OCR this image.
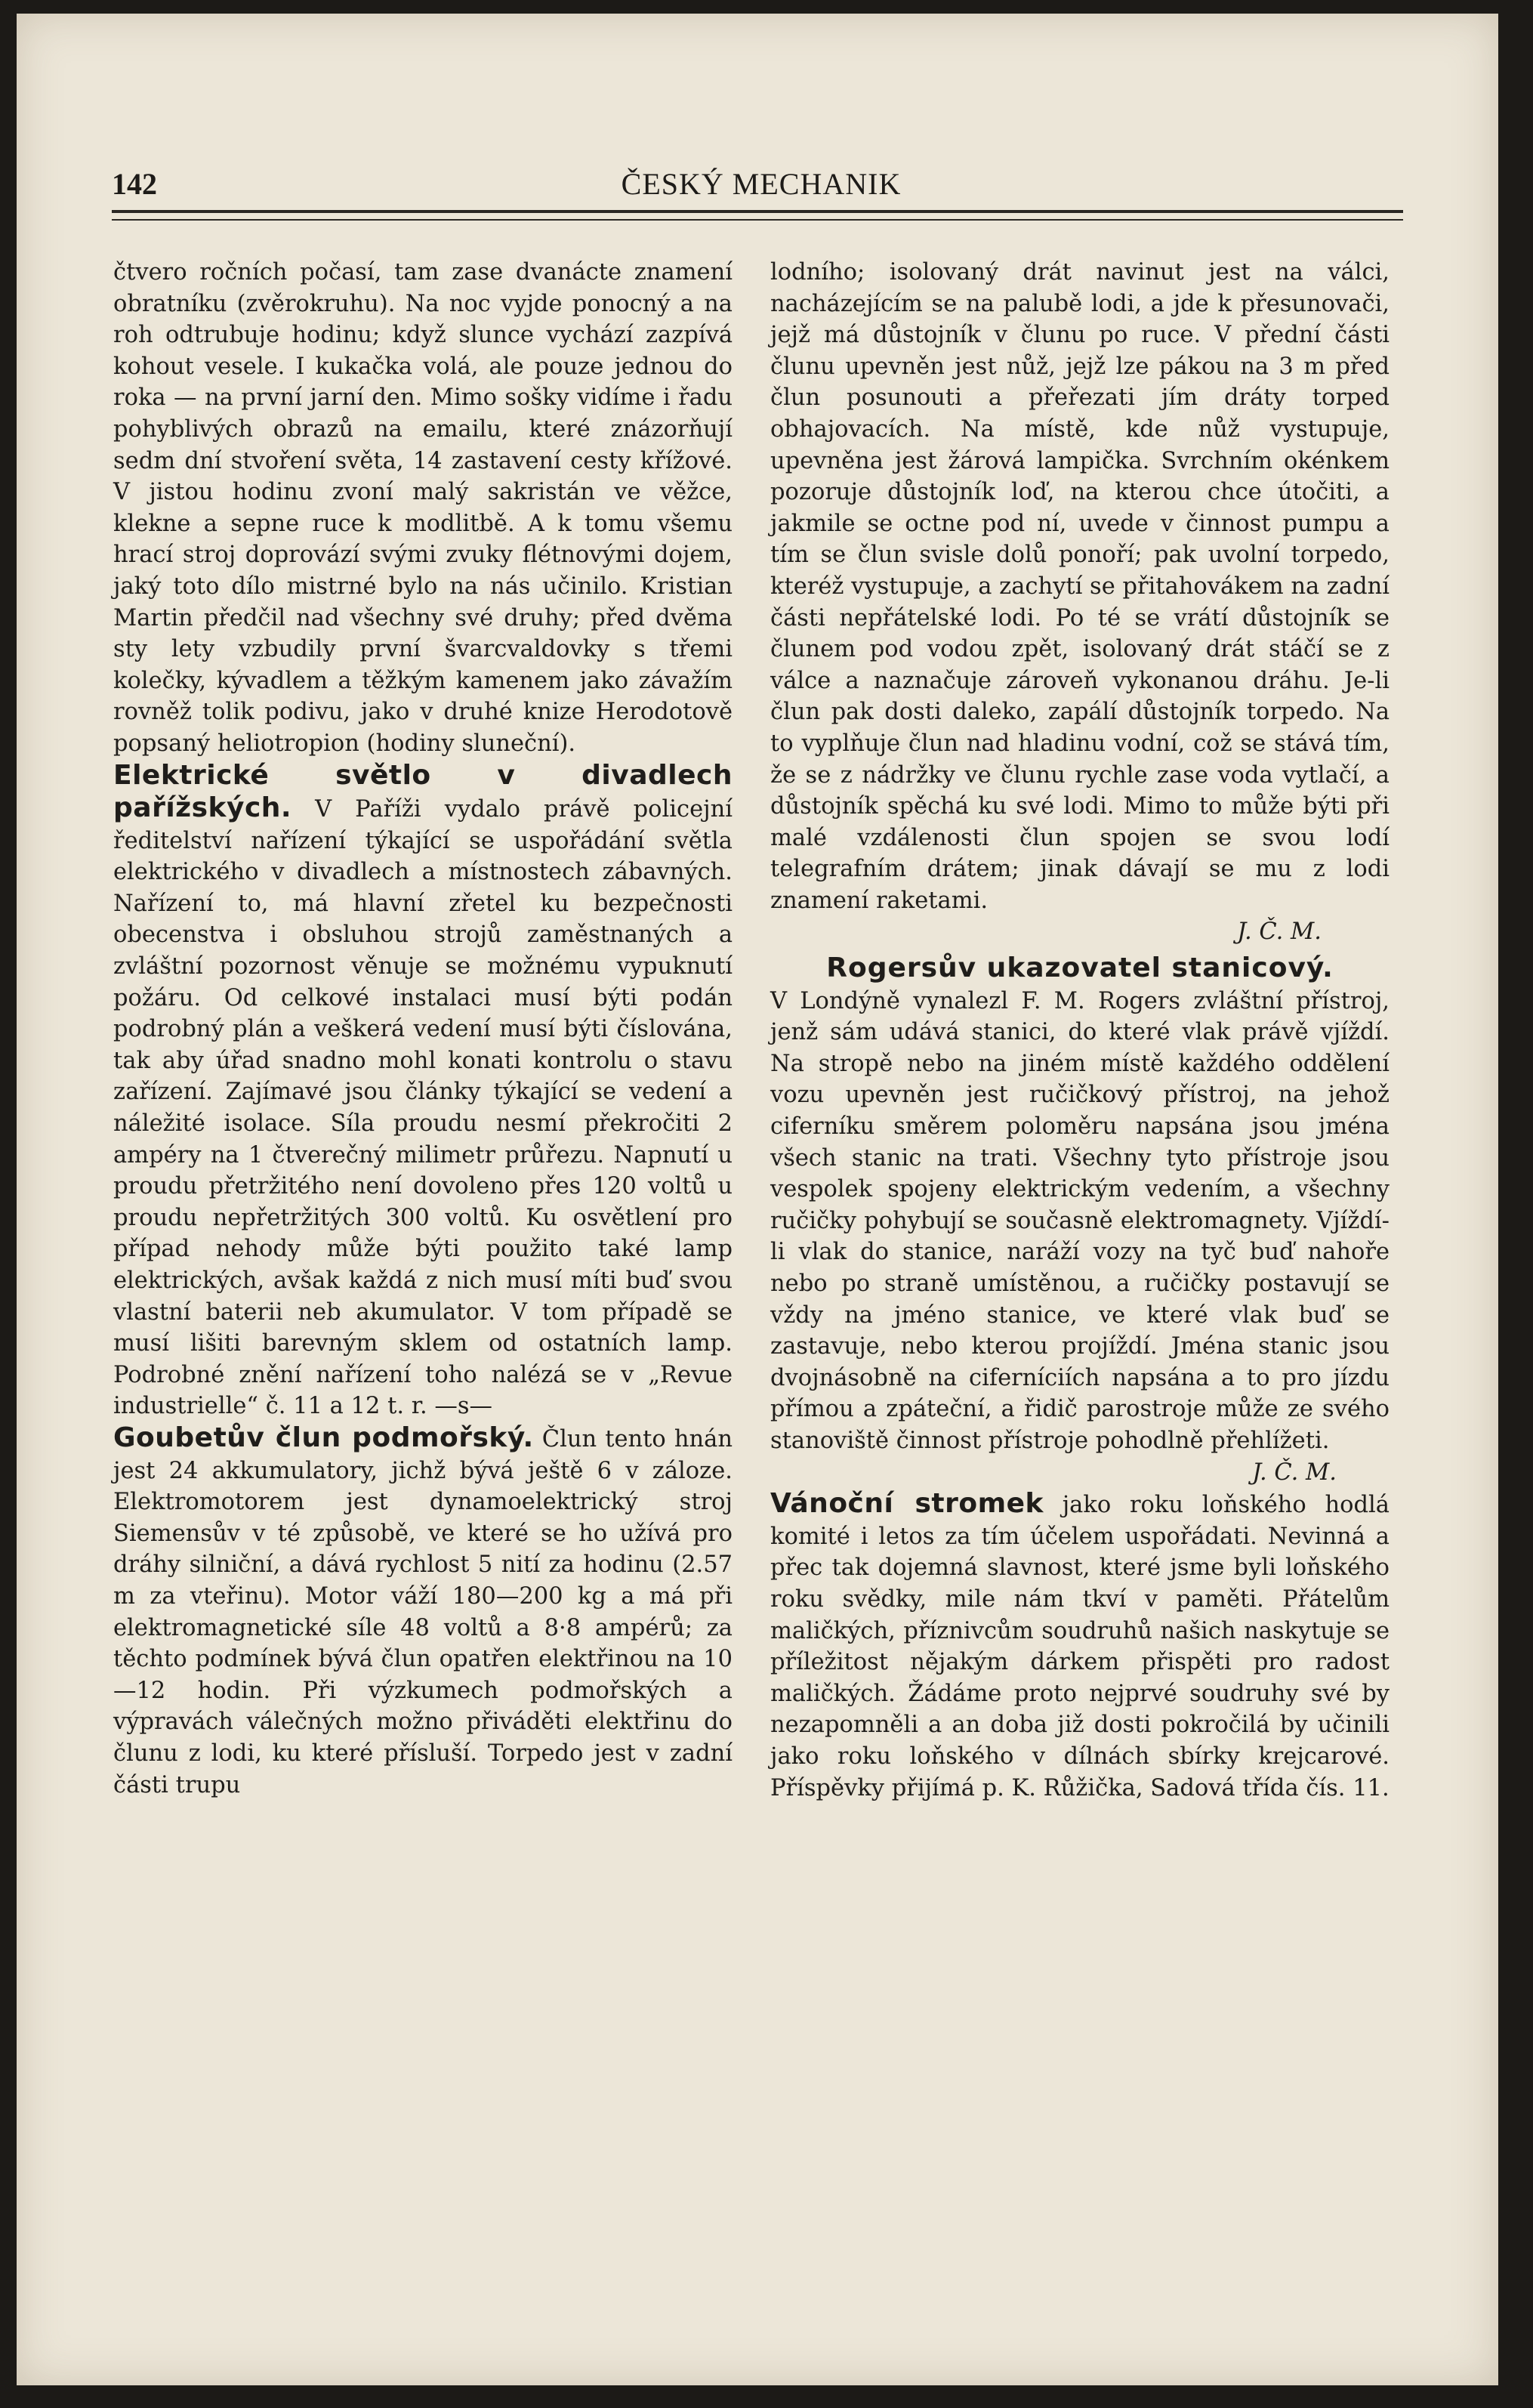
142	ČESKÝ MECHANIK

čtvero ročních počasí, tam zase dvanácte znamení obratníku (zvěrokruhu). Na noc vyjde ponocný a na roh odtrubuje hodinu; když slunce vychází zazpívá kohout vesele. I kukačka volá, ale pouze jednou do roka — na první jarní den. Mimo sošky vidíme i řadu pohyblivých obrazů na emailu, které znázorňují sedm dní stvoření světa, 14 zastavení cesty křížové. V jistou hodinu zvoní malý sakristán ve věžce, klekne a sepne ruce k modlitbě. A k tomu všemu hrací stroj doprovází svými zvuky flétnovými dojem, jaký toto dílo mistrné bylo na nás učinilo. Kristian Martin předčil nad všechny své druhy; před dvěma sty lety vzbudily první švarcvaldovky s třemi kolečky, kývadlem a těžkým kamenem jako závažím rovněž tolik podivu, jako v druhé knize Herodotově popsaný heliotropion (hodiny sluneční).

Elektrické světlo v divadlech pařížských. V Paříži vydalo právě policejní ředitelství nařízení týkající se uspořádání světla elektrického v divadlech a místnostech zábavných. Nařízení to, má hlavní zřetel ku bezpečnosti obecenstva i obsluhou strojů zaměstnaných a zvláštní pozornost věnuje se možnému vypuknutí požáru. Od celkové instalaci musí býti podán podrobný plán a veškerá vedení musí býti číslována, tak aby úřad snadno mohl konati kontrolu o stavu zařízení. Zajímavé jsou články týkající se vedení a náležité isolace. Síla proudu nesmí překročiti 2 ampéry na 1 čtverečný milimetr průřezu. Napnutí u proudu přetržitého není dovoleno přes 120 voltů u proudu nepřetržitých 300 voltů. Ku osvětlení pro případ nehody může býti použito také lamp elektrických, avšak každá z nich musí míti buď svou vlastní baterii neb akumulator. V tom případě se musí lišiti barevným sklem od ostatních lamp. Podrobné znění nařízení toho nalézá se v „Revue industrielle“ č. 11 a 12 t. r. —s—

Goubetův člun podmořský. Člun tento hnán jest 24 akkumulatory, jichž bývá ještě 6 v záloze. Elektromotorem jest dynamoelektrický stroj Siemensův v té způsobě, ve které se ho užívá pro dráhy silniční, a dává rychlost 5 nití za hodinu (2.57 m za vteřinu). Motor váží 180—200 kg a má při elektromagnetické síle 48 voltů a 8·8 ampérů; za těchto podmínek bývá člun opatřen elektřinou na 10—12 hodin. Při výzkumech podmořských a výpravách válečných možno přiváděti elektřinu do člunu z lodi, ku které přísluší. Torpedo jest v zadní části trupu

lodního; isolovaný drát navinut jest na válci, nacházejícím se na palubě lodi, a jde k přesunovači, jejž má důstojník v člunu po ruce. V přední části člunu upevněn jest nůž, jejž lze pákou na 3 m před člun posunouti a přeřezati jím dráty torped obhajovacích. Na místě, kde nůž vystupuje, upevněna jest žárová lampička. Svrchním okénkem pozoruje důstojník loď, na kterou chce útočiti, a jakmile se octne pod ní, uvede v činnost pumpu a tím se člun svisle dolů ponoří; pak uvolní torpedo, kteréž vystupuje, a zachytí se přitahovákem na zadní části nepřátelské lodi. Po té se vrátí důstojník se člunem pod vodou zpět, isolovaný drát stáčí se z válce a naznačuje zároveň vykonanou dráhu. Je-li člun pak dosti daleko, zapálí důstojník torpedo. Na to vyplňuje člun nad hladinu vodní, což se stává tím, že se z nádržky ve člunu rychle zase voda vytlačí, a důstojník spěchá ku své lodi. Mimo to může býti při malé vzdálenosti člun spojen se svou lodí telegrafním drátem; jinak dávají se mu z lodi znamení raketami.

J. Č. M.

Rogersův ukazovatel stanicový.

V Londýně vynalezl F. M. Rogers zvláštní přístroj, jenž sám udává stanici, do které vlak právě vjíždí. Na stropě nebo na jiném místě každého oddělení vozu upevněn jest ručičkový přístroj, na jehož ciferníku směrem poloměru napsána jsou jména všech stanic na trati. Všechny tyto přístroje jsou vespolek spojeny elektrickým vedením, a všechny ručičky pohybují se současně elektromagnety. Vjíždí-li vlak do stanice, naráží vozy na tyč buď nahoře nebo po straně umístěnou, a ručičky postavují se vždy na jméno stanice, ve které vlak buď se zastavuje, nebo kterou projíždí. Jména stanic jsou dvojnásobně na ciferníciích napsána a to pro jízdu přímou a zpáteční, a řidič parostroje může ze svého stanoviště činnost přístroje pohodlně přehlížeti.

J. Č. M.

Vánoční stromek jako roku loňského hodlá komité i letos za tím účelem uspořádati. Nevinná a přec tak dojemná slavnost, které jsme byli loňského roku svědky, mile nám tkví v paměti. Přátelům maličkých, příznivcům soudruhů našich naskytuje se příležitost nějakým dárkem přispěti pro radost maličkých. Žádáme proto nejprvé soudruhy své by nezapomněli a an doba již dosti pokročilá by učinili jako roku loňského v dílnách sbírky krejcarové. Příspěvky přijímá p. K. Růžička, Sadová třída čís. 11.
